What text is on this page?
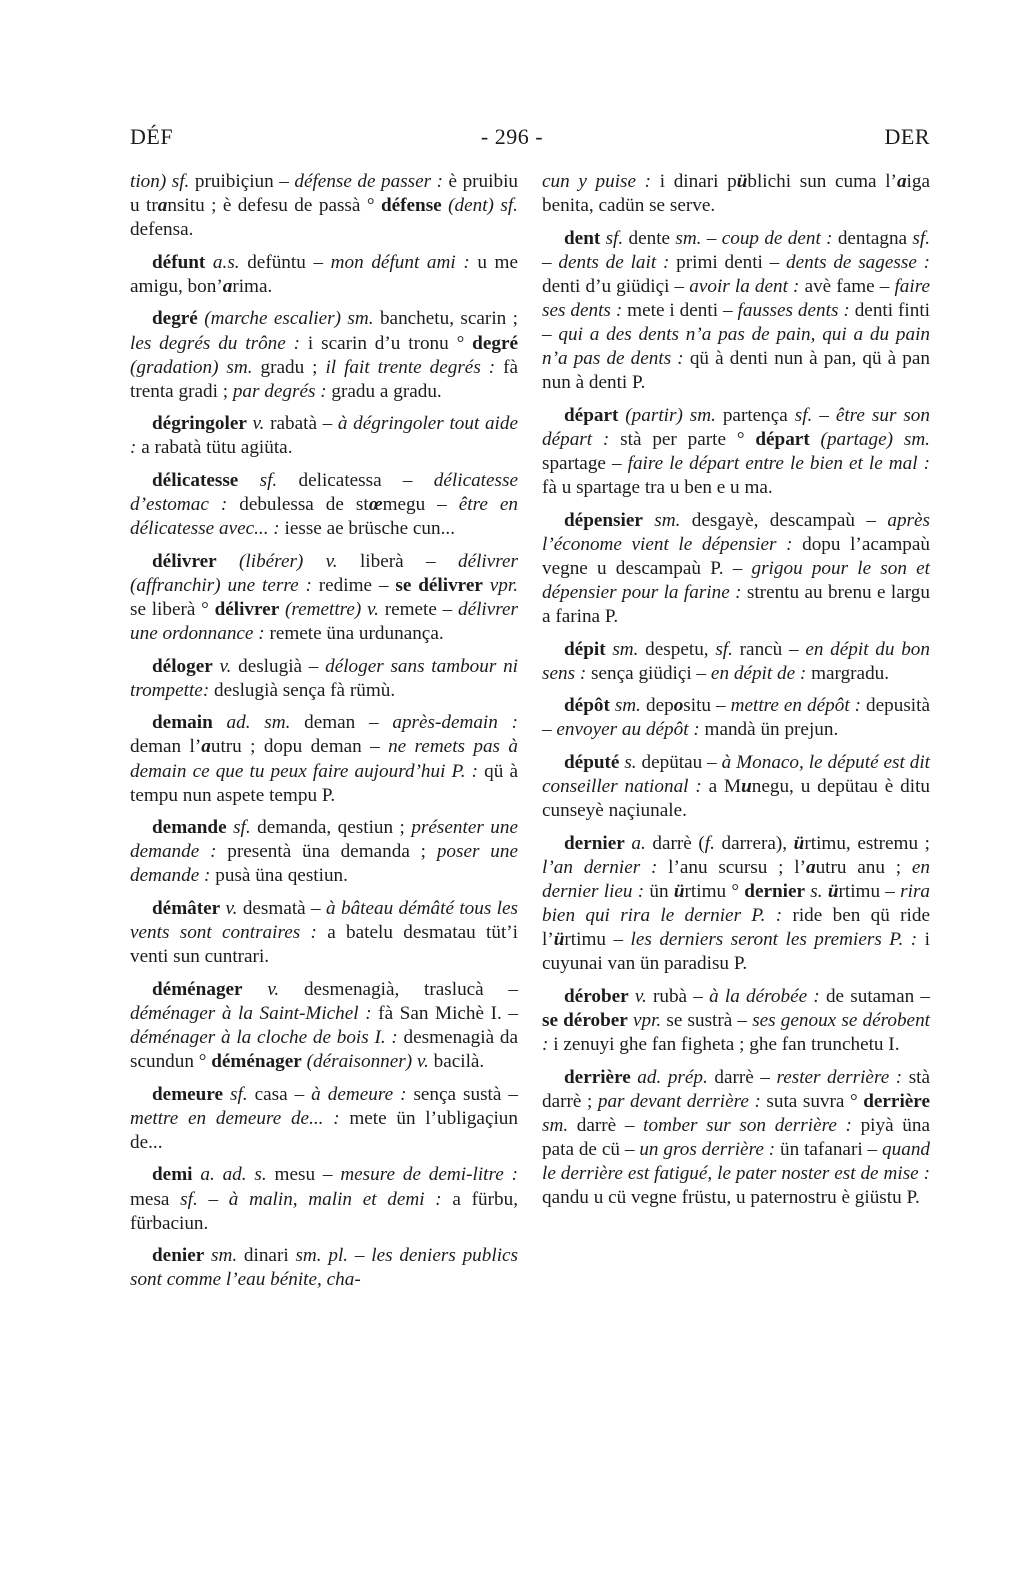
DÉF	- 296 -	DER

tion) sf. pruibiçiun – défense de passer : è pruibiu u transitu ; è defesu de passà ° défense (dent) sf. defensa.

défunt a.s. defüntu – mon défunt ami : u me amigu, bon’arima.

degré (marche escalier) sm. banchetu, scarin ; les degrés du trône : i scarin d’u tronu ° degré (gradation) sm. gradu ; il fait trente degrés : fà trenta gradi ; par degrés : gradu a gradu.

dégringoler v. rabatà – à dégringoler tout aide : a rabatà tütu agiüta.

délicatesse sf. delicatessa – délicatesse d’estomac : debulessa de stœmegu – être en délicatesse avec... : iesse ae brüsche cun...

délivrer (libérer) v. liberà – délivrer (affranchir) une terre : redime – se délivrer vpr. se liberà ° délivrer (remettre) v. remete – délivrer une ordonnance : remete üna urdunança.

déloger v. deslugià – déloger sans tambour ni trompette: deslugià sença fà rümù.

demain ad. sm. deman – après-demain : deman l’autru ; dopu deman – ne remets pas à demain ce que tu peux faire aujourd’hui P. : qü à tempu nun aspete tempu P.

demande sf. demanda, qestiun ; présenter une demande : presentà üna demanda ; poser une demande : pusà üna qestiun.

démâter v. desmatà – à bâteau démâté tous les vents sont contraires : a batelu desmatau tüt’i venti sun cuntrari.

déménager v. desmenagià, traslucà – déménager à la Saint-Michel : fà San Michè I. – déménager à la cloche de bois I. : desmenagià da scundun ° déménager (déraisonner) v. bacilà.

demeure sf. casa – à demeure : sença sustà – mettre en demeure de... : mete ün l’ubligaçiun de...

demi a. ad. s. mesu – mesure de demi-litre : mesa sf. – à malin, malin et demi : a fürbu, fürbaciun.

denier sm. dinari sm. pl. – les deniers publics sont comme l’eau bénite, cha-

cun y puise : i dinari püblichi sun cuma l’aiga benita, cadün se serve.

dent sf. dente sm. – coup de dent : dentagna sf. – dents de lait : primi denti – dents de sagesse : denti d’u giüdiçi – avoir la dent : avè fame – faire ses dents : mete i denti – fausses dents : denti finti – qui a des dents n’a pas de pain, qui a du pain n’a pas de dents : qü à denti nun à pan, qü à pan nun à denti P.

départ (partir) sm. partença sf. – être sur son départ : stà per parte ° départ (partage) sm. spartage – faire le départ entre le bien et le mal : fà u spartage tra u ben e u ma.

dépensier sm. desgayè, descampaù – après l’économe vient le dépensier : dopu l’acampaù vegne u descampaù P. – grigou pour le son et dépensier pour la farine : strentu au brenu e largu a farina P.

dépit sm. despetu, sf. rancù – en dépit du bon sens : sença giüdiçi – en dépit de : margradu.

dépôt sm. depositu – mettre en dépôt : depusità – envoyer au dépôt : mandà ün prejun.

député s. depütau – à Monaco, le député est dit conseiller national : a Munegu, u depütau è ditu cunseyè naçiunale.

dernier a. darrè (f. darrera), ürtimu, estremu ; l’an dernier : l’anu scursu ; l’autru anu ; en dernier lieu : ün ürtimu ° dernier s. ürtimu – rira bien qui rira le dernier P. : ride ben qü ride l’ürtimu – les derniers seront les premiers P. : i cuyunai van ün paradisu P.

dérober v. rubà – à la dérobée : de sutaman – se dérober vpr. se sustrà – ses genoux se dérobent : i zenuyi ghe fan figheta ; ghe fan trunchetu I.

derrière ad. prép. darrè – rester derrière : stà darrè ; par devant derrière : suta suvra ° derrière sm. darrè – tomber sur son derrière : piyà üna pata de cü – un gros derrière : ün tafanari – quand le derrière est fatigué, le pater noster est de mise : qandu u cü vegne früstu, u paternostru è giüstu P.
